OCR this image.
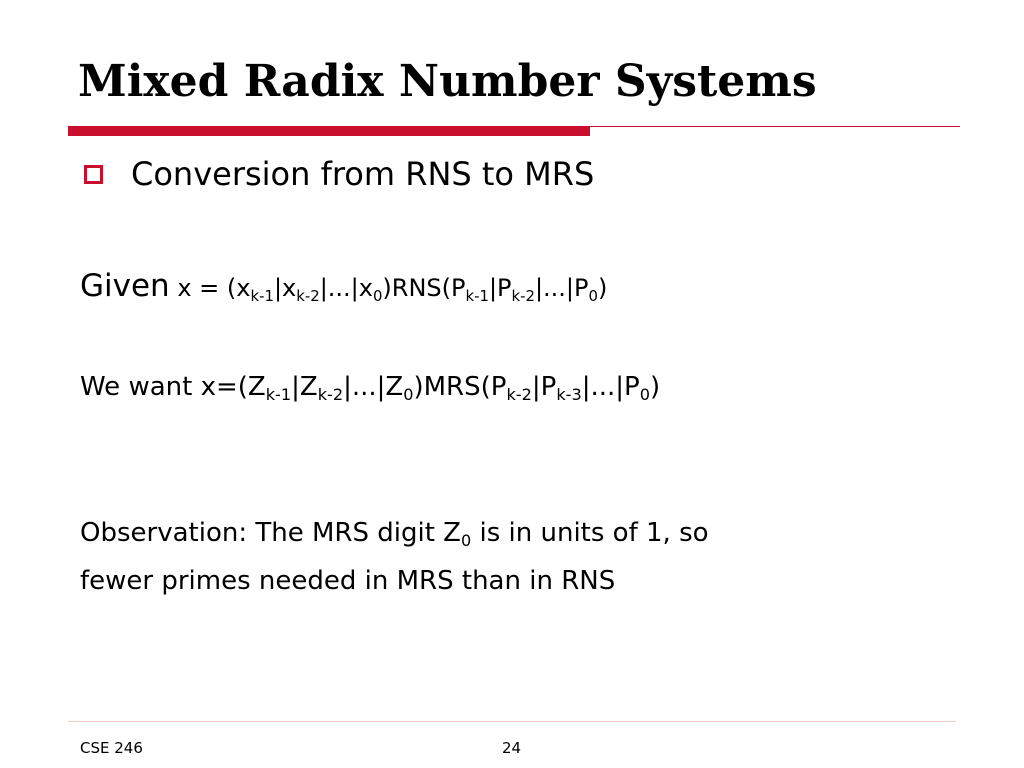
Mixed Radix Number Systems
Conversion from RNS to MRS
Given $x = (x_{k-1}|x_{k-2}|...|x_0)RNS(P_{k-1}|P_{k-2}|...|P_0)$
We want $x=(Z_{k-1}|Z_{k-2}|...|Z_0)MRS(P_{k-2}|P_{k-3}|...|P_0)$
Observation: The MRS digit $Z_0$ is in units of 1, so
fewer primes needed in MRS than in RNS
CSE 246	24
